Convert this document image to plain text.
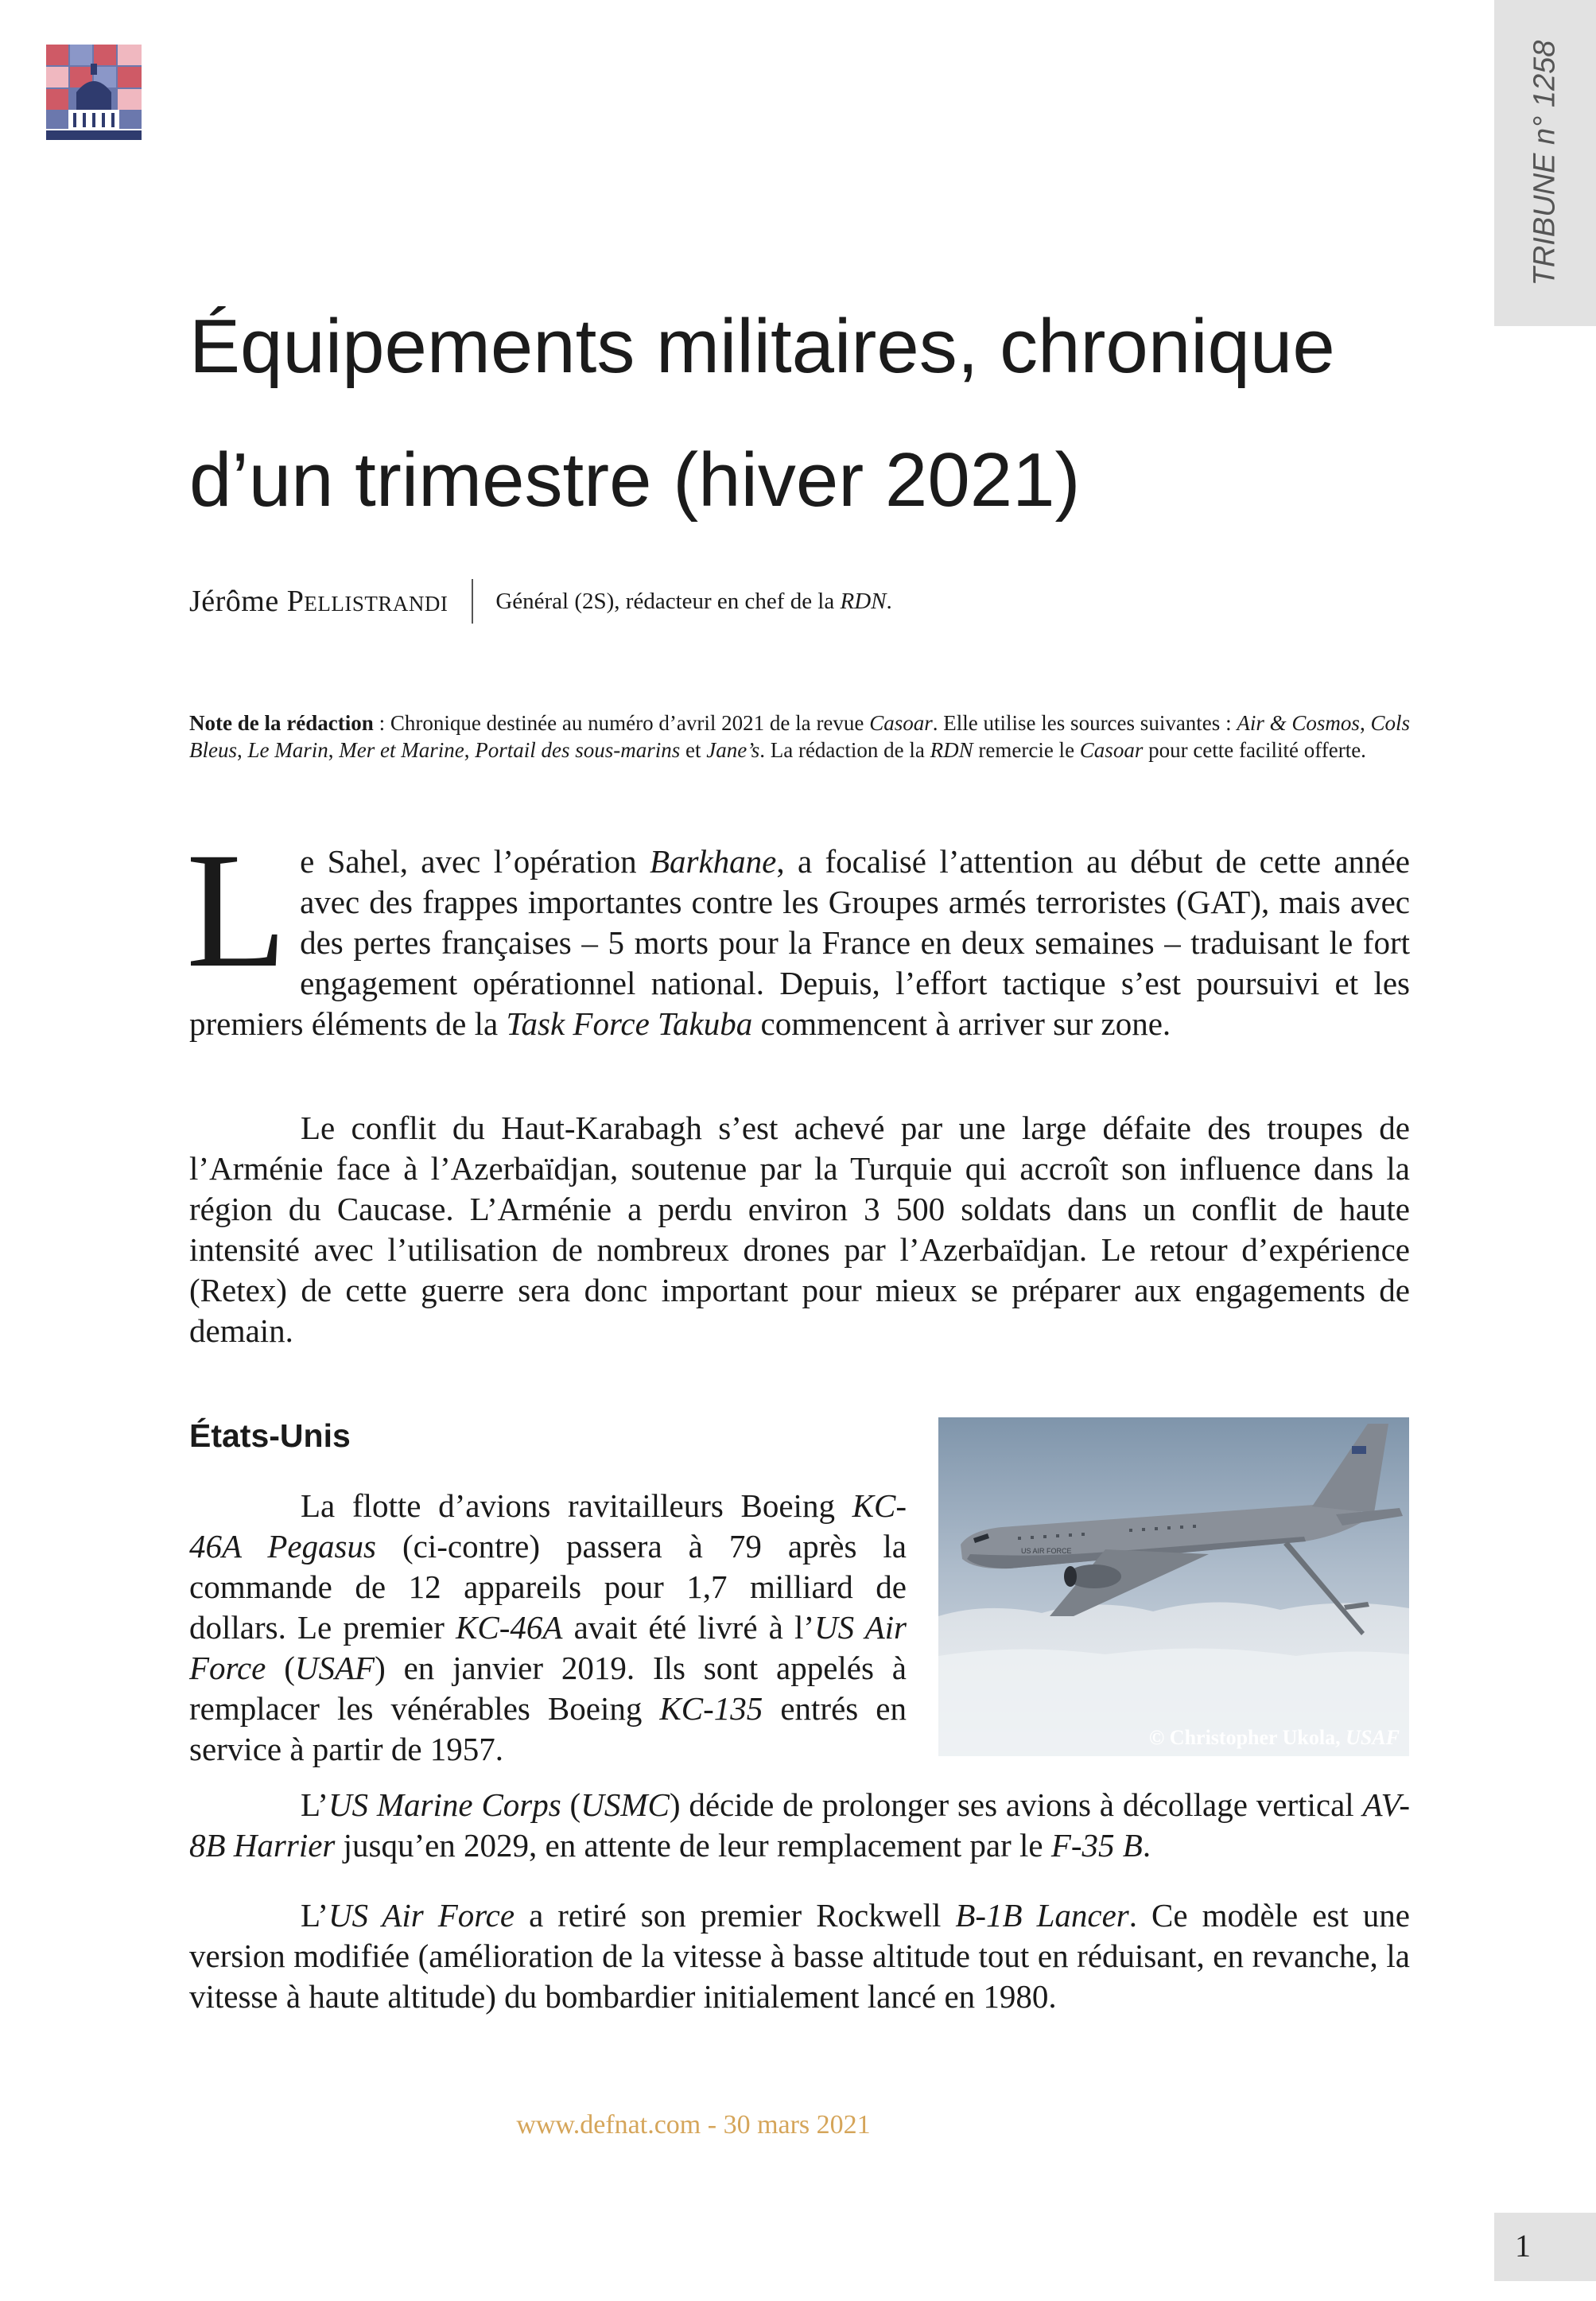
TRIBUNE n° 1258
Équipements militaires, chronique d’un trimestre (hiver 2021)
Jérôme Pellistrandi Général (2S), rédacteur en chef de la RDN.

Note de la rédaction : Chronique destinée au numéro d’avril 2021 de la revue Casoar. Elle utilise les sources suivantes : Air & Cosmos, Cols Bleus, Le Marin, Mer et Marine, Portail des sous-marins et Jane’s. La rédaction de la RDN remercie le Casoar pour cette facilité offerte.

Le Sahel, avec l’opération Barkhane, a focalisé l’attention au début de cette année avec des frappes importantes contre les Groupes armés terroristes (GAT), mais avec des pertes françaises – 5 morts pour la France en deux semaines – traduisant le fort engagement opérationnel national. Depuis, l’effort tactique s’est poursuivi et les premiers éléments de la Task Force Takuba commencent à arriver sur zone.

Le conflit du Haut-Karabagh s’est achevé par une large défaite des troupes de l’Arménie face à l’Azerbaïdjan, soutenue par la Turquie qui accroît son influence dans la région du Caucase. L’Arménie a perdu environ 3 500 soldats dans un conflit de haute intensité avec l’utilisation de nombreux drones par l’Azerbaïdjan. Le retour d’expérience (Retex) de cette guerre sera donc important pour mieux se préparer aux engagements de demain.

États-Unis

La flotte d’avions ravitailleurs Boeing KC-46A Pegasus (ci-contre) passera à 79 après la commande de 12 appareils pour 1,7 milliard de dollars. Le premier KC-46A avait été livré à l’US Air Force (USAF) en janvier 2019. Ils sont appelés à remplacer les vénérables Boeing KC-135 entrés en service à partir de 1957.

US AIR FORCE
© Christopher Ukola, USAF

L’US Marine Corps (USMC) décide de prolonger ses avions à décollage vertical AV-8B Harrier jusqu’en 2029, en attente de leur remplacement par le F-35 B.

L’US Air Force a retiré son premier Rockwell B-1B Lancer. Ce modèle est une version modifiée (amélioration de la vitesse à basse altitude tout en réduisant, en revanche, la vitesse à haute altitude) du bombardier initialement lancé en 1980.

www.defnat.com - 30 mars 2021
1
